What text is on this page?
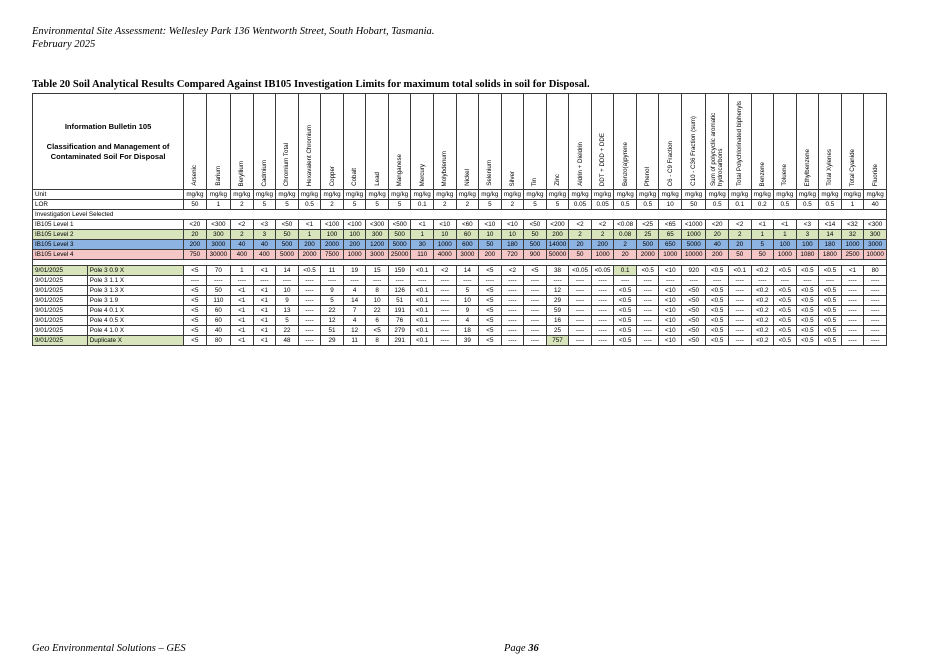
Environmental Site Assessment: Wellesley Park 136 Wentworth Street, South Hobart, Tasmania.
February 2025
Table 20 Soil Analytical Results Compared Against IB105 Investigation Limits for maximum total solids in soil for Disposal.
Information Bulletin 105
Classification and Management of Contaminated Soil For Disposal		Arsenic	Barium	Beryllium	Cadmium	Chromium Total	Hexavalent Chromium	Copper	Cobalt	Lead	Manganese	Mercury	Molybdenum	Nickel	Selenium	Silver	Tin	Zinc	Aldrin + Dieldrin	DDT + DDD + DDE	Benzo(a)pyrene	Phenol	C6 - C9 Fraction	C10 - C36 Fraction (sum)	Sum of polycyclic aromatic hydrocarbons	Total Polychlorinated biphenyls	Benzene	Toluene	Ethylbenzene	Total Xylenes	Total Cyanide	Fluoride
Unit		mg/kg	mg/kg	mg/kg	mg/kg	mg/kg	mg/kg	mg/kg	mg/kg	mg/kg	mg/kg	mg/kg	mg/kg	mg/kg	mg/kg	mg/kg	mg/kg	mg/kg	mg/kg	mg/kg	mg/kg	mg/kg	mg/kg	mg/kg	mg/kg	mg/kg	mg/kg	mg/kg	mg/kg	mg/kg	mg/kg	mg/kg
LOR		50	1	2	5	5	0.5	2	5	5	5	0.1	2	2	5	2	5	5	0.05	0.05	0.5	0.5	10	50	0.5	0.1	0.2	0.5	0.5	0.5	1	40
Investigation Level Selected																																
IB105 Level 1		<20	<300	<2	<3	<50	<1	<100	<100	<300	<500	<1	<10	<60	<10	<10	<50	<200	<2	<2	<0.08	<25	<65	<1000	<20	<2	<1	<1	<3	<14	<32	<300
IB105 Level 2		20	300	2	3	50	1	100	100	300	500	1	10	60	10	10	50	200	2	2	0.08	25	65	1000	20	2	1	1	3	14	32	300
IB105 Level 3		200	3000	40	40	500	200	2000	200	1200	5000	30	1000	600	50	180	500	14000	20	200	2	500	650	5000	40	20	5	100	100	180	1000	3000
IB105 Level 4		750	30000	400	400	5000	2000	7500	1000	3000	25000	110	4000	3000	200	720	900	50000	50	1000	20	2000	1000	10000	200	50	50	1000	1080	1800	2500	10000

9/01/2025	Pole 3 0.9 X	<5	70	1	<1	14	<0.5	11	19	15	159	<0.1	<2	14	<5	<2	<5	38	<0.05	<0.05	0.1	<0.5	<10	920	<0.5	<0.1	<0.2	<0.5	<0.5	<0.5	<1	80
9/01/2025	Pole 3 1.1 X	----	----	----	----	----	----	----	----	----	----	----	----	----	----	----	----	----	----	----	----	----	----	----	----	----	----	----	----	----	----	----
9/01/2025	Pole 3 1.3 X	<5	50	<1	<1	10	----	9	4	8	126	<0.1	----	5	<5	----	----	12	----	----	<0.5	----	<10	<50	<0.5	----	<0.2	<0.5	<0.5	<0.5	----	----
9/01/2025	Pole 3 1.9	<5	110	<1	<1	9	----	5	14	10	51	<0.1	----	10	<5	----	----	29	----	----	<0.5	----	<10	<50	<0.5	----	<0.2	<0.5	<0.5	<0.5	----	----
9/01/2025	Pole 4 0.1 X	<5	60	<1	<1	13	----	22	7	22	191	<0.1	----	9	<5	----	----	59	----	----	<0.5	----	<10	<50	<0.5	----	<0.2	<0.5	<0.5	<0.5	----	----
9/01/2025	Pole 4 0.5 X	<5	60	<1	<1	5	----	12	4	6	76	<0.1	----	4	<5	----	----	16	----	----	<0.5	----	<10	<50	<0.5	----	<0.2	<0.5	<0.5	<0.5	----	----
9/01/2025	Pole 4 1.0 X	<5	40	<1	<1	22	----	51	12	<5	279	<0.1	----	18	<5	----	----	25	----	----	<0.5	----	<10	<50	<0.5	----	<0.2	<0.5	<0.5	<0.5	----	----
9/01/2025	Duplicate X	<5	80	<1	<1	48	----	29	11	8	291	<0.1	----	39	<5	----	----	757	----	----	<0.5	----	<10	<50	<0.5	----	<0.2	<0.5	<0.5	<0.5	----	----
Geo Environmental Solutions – GES	Page 36
